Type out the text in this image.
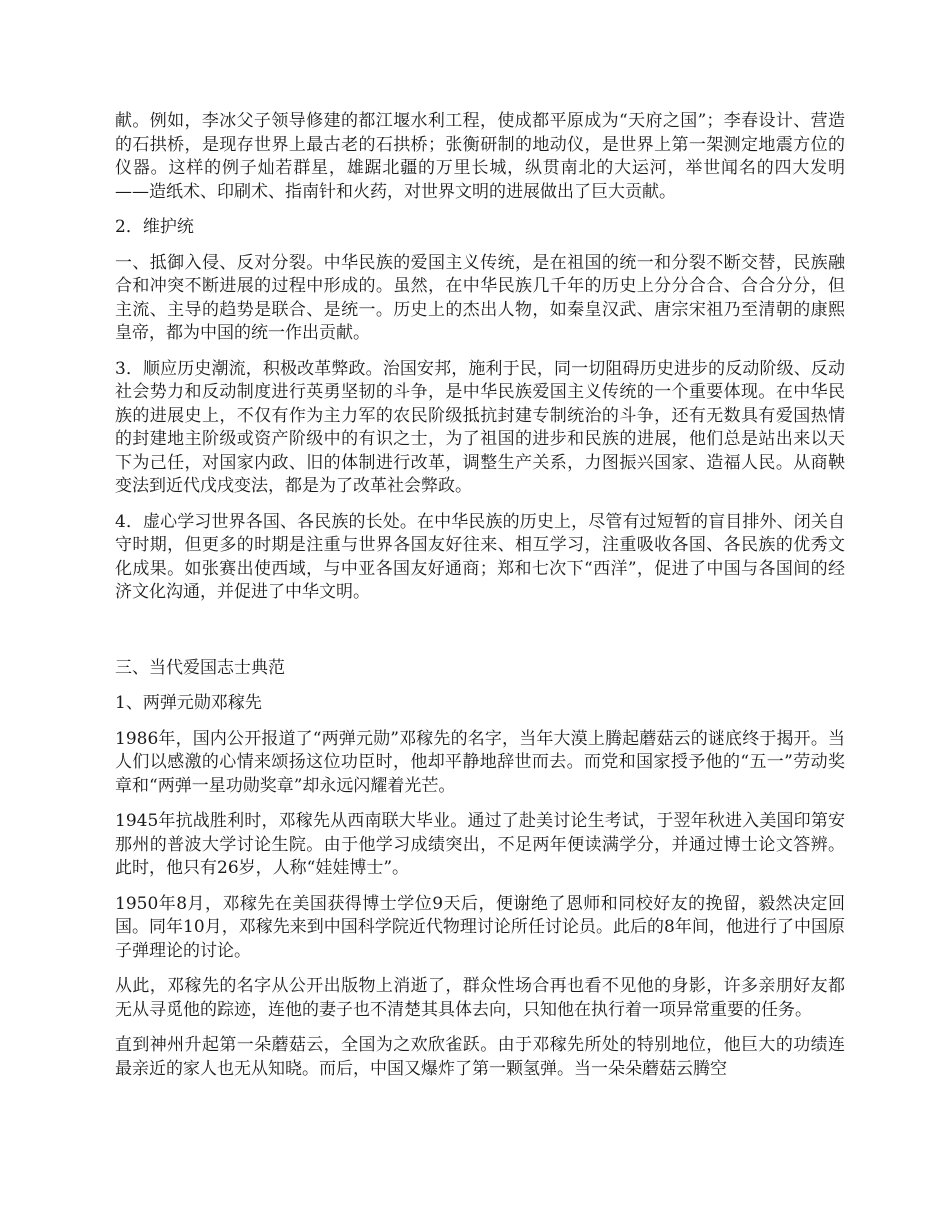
献。例如，李冰父子领导修建的都江堰水利工程，使成都平原成为“天府之国”；李春设计、营造的石拱桥，是现存世界上最古老的石拱桥；张衡研制的地动仪，是世界上第一架测定地震方位的仪器。这样的例子灿若群星，雄踞北疆的万里长城，纵贯南北的大运河，举世闻名的四大发明——造纸术、印刷术、指南针和火药，对世界文明的进展做出了巨大贡献。

2．维护统

一、抵御入侵、反对分裂。中华民族的爱国主义传统，是在祖国的统一和分裂不断交替，民族融合和冲突不断进展的过程中形成的。虽然，在中华民族几千年的历史上分分合合、合合分分，但主流、主导的趋势是联合、是统一。历史上的杰出人物，如秦皇汉武、唐宗宋祖乃至清朝的康熙皇帝，都为中国的统一作出贡献。

3．顺应历史潮流，积极改革弊政。治国安邦，施利于民，同一切阻碍历史进步的反动阶级、反动社会势力和反动制度进行英勇坚韧的斗争，是中华民族爱国主义传统的一个重要体现。在中华民族的进展史上，不仅有作为主力军的农民阶级抵抗封建专制统治的斗争，还有无数具有爱国热情的封建地主阶级或资产阶级中的有识之士，为了祖国的进步和民族的进展，他们总是站出来以天下为己任，对国家内政、旧的体制进行改革，调整生产关系，力图振兴国家、造福人民。从商鞅变法到近代戊戌变法，都是为了改革社会弊政。

4．虚心学习世界各国、各民族的长处。在中华民族的历史上，尽管有过短暂的盲目排外、闭关自守时期，但更多的时期是注重与世界各国友好往来、相互学习，注重吸收各国、各民族的优秀文化成果。如张赛出使西域，与中亚各国友好通商；郑和七次下“西洋”，促进了中国与各国间的经济文化沟通，并促进了中华文明。

三、当代爱国志士典范

1、两弹元勋邓稼先

1986年，国内公开报道了“两弹元勋”邓稼先的名字，当年大漠上腾起蘑菇云的谜底终于揭开。当人们以感激的心情来颂扬这位功臣时，他却平静地辞世而去。而党和国家授予他的“五一”劳动奖章和“两弹一星功勋奖章”却永远闪耀着光芒。

1945年抗战胜利时，邓稼先从西南联大毕业。通过了赴美讨论生考试，于翌年秋进入美国印第安那州的普波大学讨论生院。由于他学习成绩突出，不足两年便读满学分，并通过博士论文答辨。此时，他只有26岁，人称“娃娃博士”。

1950年8月，邓稼先在美国获得博士学位9天后，便谢绝了恩师和同校好友的挽留，毅然决定回国。同年10月，邓稼先来到中国科学院近代物理讨论所任讨论员。此后的8年间，他进行了中国原子弹理论的讨论。

从此，邓稼先的名字从公开出版物上消逝了，群众性场合再也看不见他的身影，许多亲朋好友都无从寻觅他的踪迹，连他的妻子也不清楚其具体去向，只知他在执行着一项异常重要的任务。

直到神州升起第一朵蘑菇云，全国为之欢欣雀跃。由于邓稼先所处的特别地位，他巨大的功绩连最亲近的家人也无从知晓。而后，中国又爆炸了第一颗氢弹。当一朵朵蘑菇云腾空
